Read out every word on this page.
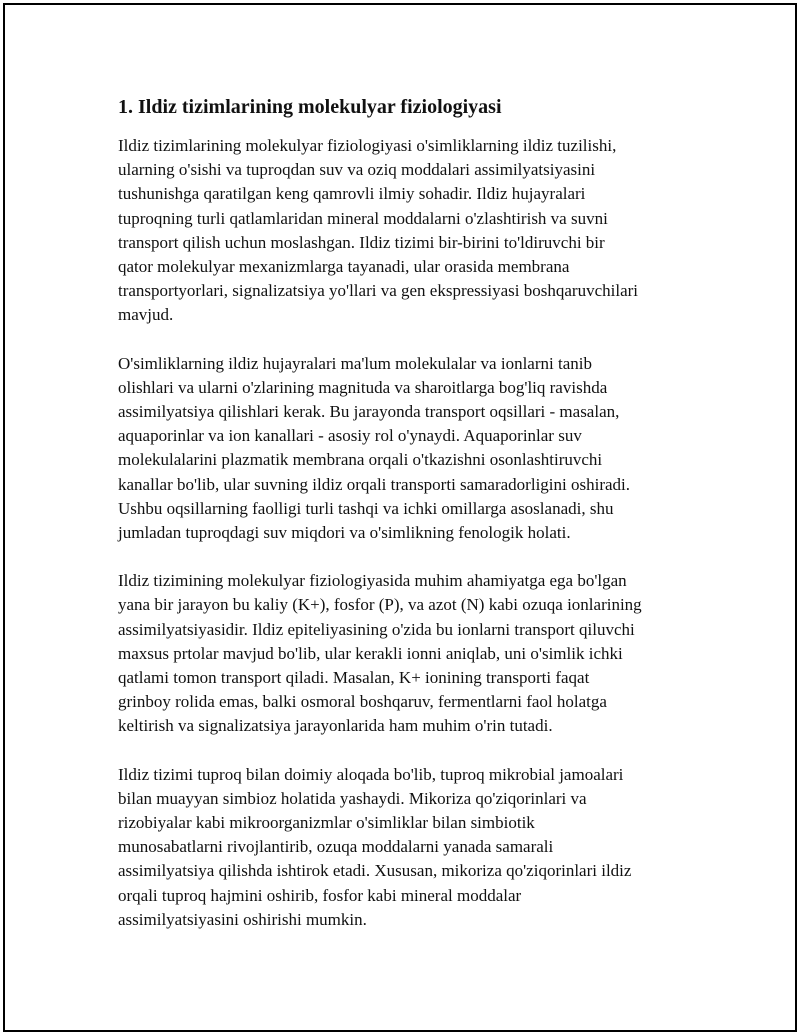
1. Ildiz tizimlarining molekulyar fiziologiyasi

Ildiz tizimlarining molekulyar fiziologiyasi o'simliklarning ildiz tuzilishi,
ularning o'sishi va tuproqdan suv va oziq moddalari assimilyatsiyasini
tushunishga qaratilgan keng qamrovli ilmiy sohadir. Ildiz hujayralari
tuproqning turli qatlamlaridan mineral moddalarni o'zlashtirish va suvni
transport qilish uchun moslashgan. Ildiz tizimi bir-birini to'ldiruvchi bir
qator molekulyar mexanizmlarga tayanadi, ular orasida membrana
transportyorlari, signalizatsiya yo'llari va gen ekspressiyasi boshqaruvchilari
mavjud.

O'simliklarning ildiz hujayralari ma'lum molekulalar va ionlarni tanib
olishlari va ularni o'zlarining magnituda va sharoitlarga bog'liq ravishda
assimilyatsiya qilishlari kerak. Bu jarayonda transport oqsillari - masalan,
aquaporinlar va ion kanallari - asosiy rol o'ynaydi. Aquaporinlar suv
molekulalarini plazmatik membrana orqali o'tkazishni osonlashtiruvchi
kanallar bo'lib, ular suvning ildiz orqali transporti samaradorligini oshiradi.
Ushbu oqsillarning faolligi turli tashqi va ichki omillarga asoslanadi, shu
jumladan tuproqdagi suv miqdori va o'simlikning fenologik holati.

Ildiz tizimining molekulyar fiziologiyasida muhim ahamiyatga ega bo'lgan
yana bir jarayon bu kaliy (K+), fosfor (P), va azot (N) kabi ozuqa ionlarining
assimilyatsiyasidir. Ildiz epiteliyasining o'zida bu ionlarni transport qiluvchi
maxsus prtolar mavjud bo'lib, ular kerakli ionni aniqlab, uni o'simlik ichki
qatlami tomon transport qiladi. Masalan, K+ ionining transporti faqat
grinboy rolida emas, balki osmoral boshqaruv, fermentlarni faol holatga
keltirish va signalizatsiya jarayonlarida ham muhim o'rin tutadi.

Ildiz tizimi tuproq bilan doimiy aloqada bo'lib, tuproq mikrobial jamoalari
bilan muayyan simbioz holatida yashaydi. Mikoriza qo'ziqorinlari va
rizobiyalar kabi mikroorganizmlar o'simliklar bilan simbiotik
munosabatlarni rivojlantirib, ozuqa moddalarni yanada samarali
assimilyatsiya qilishda ishtirok etadi. Xususan, mikoriza qo'ziqorinlari ildiz
orqali tuproq hajmini oshirib, fosfor kabi mineral moddalar
assimilyatsiyasini oshirishi mumkin.
